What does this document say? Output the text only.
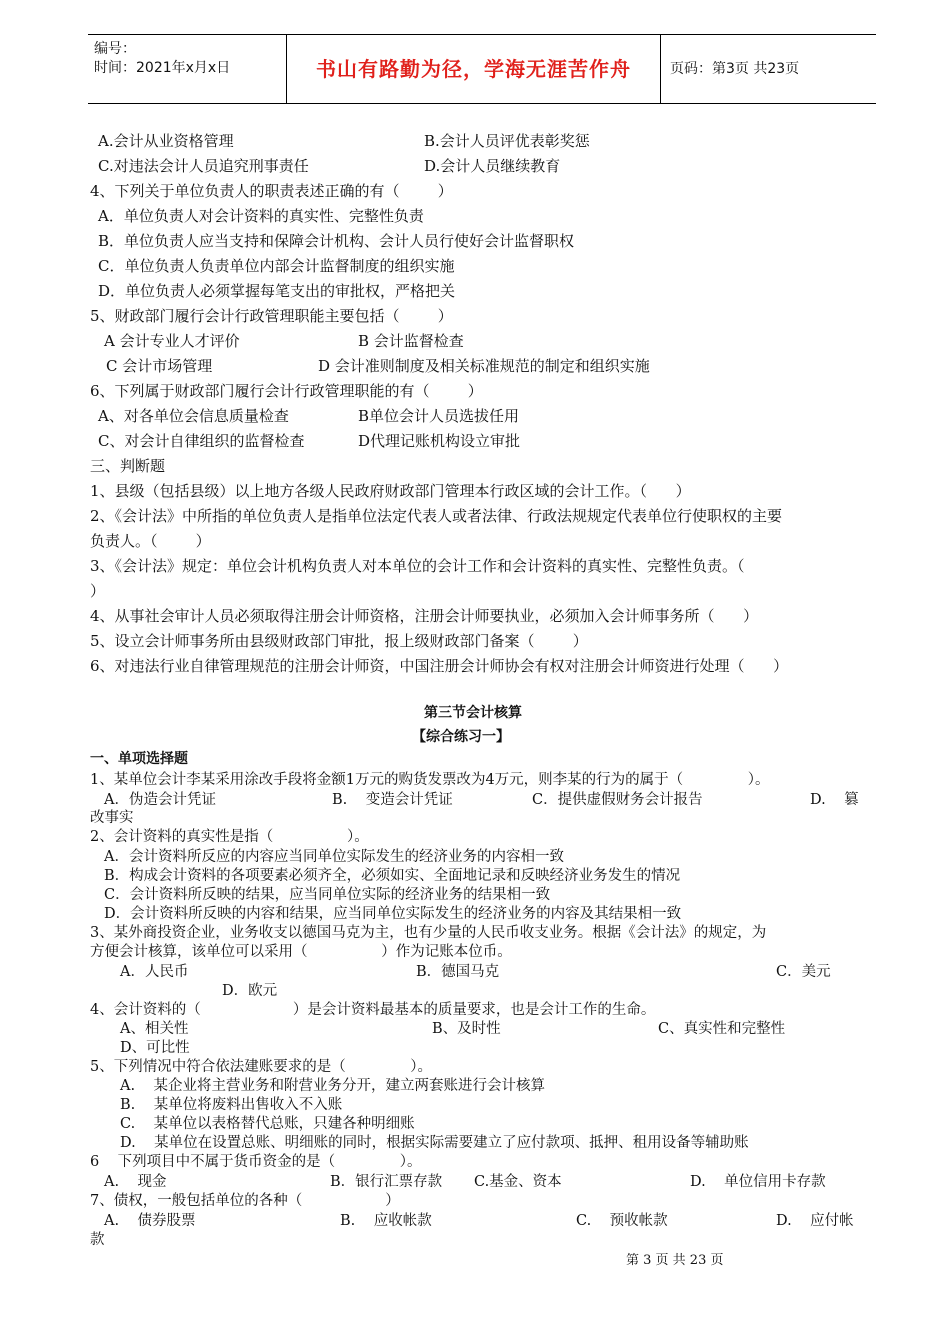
编号：
时间：2021年x月x日	书山有路勤为径，学海无涯苦作舟	页码：第3页 共23页
A.会计从业资格管理	B.会计人员评优表彰奖惩
C.对违法会计人员追究刑事责任	D.会计人员继续教育
4、下列关于单位负责人的职责表述正确的有（        ）
A．单位负责人对会计资料的真实性、完整性负责
B．单位负责人应当支持和保障会计机构、会计人员行使好会计监督职权
C．单位负责人负责单位内部会计监督制度的组织实施
D．单位负责人必须掌握每笔支出的审批权，严格把关
5、财政部门履行会计行政管理职能主要包括（        ）
A 会计专业人才评价	B 会计监督检查
C 会计市场管理	D 会计准则制度及相关标准规范的制定和组织实施
6、下列属于财政部门履行会计行政管理职能的有（        ）
A、对各单位会信息质量检查	B单位会计人员选拔任用
C、对会计自律组织的监督检查	D代理记账机构设立审批
三、判断题
1、县级（包括县级）以上地方各级人民政府财政部门管理本行政区域的会计工作。（      ）
2、《会计法》中所指的单位负责人是指单位法定代表人或者法律、行政法规规定代表单位行使职权的主要
负责人。（        ）
3、《会计法》规定：单位会计机构负责人对本单位的会计工作和会计资料的真实性、完整性负责。（
）
4、从事社会审计人员必须取得注册会计师资格，注册会计师要执业，必须加入会计师事务所（      ）
5、设立会计师事务所由县级财政部门审批，报上级财政部门备案（        ）
6、对违法行业自律管理规范的注册会计师资，中国注册会计师协会有权对注册会计师资进行处理（      ）
第三节会计核算
【综合练习一】
一、单项选择题
1、某单位会计李某采用涂改手段将金额1万元的购货发票改为4万元，则李某的行为的属于（              ）。
A．伪造会计凭证	B.    变造会计凭证	C．提供虚假财务会计报告	D.    篡
改事实
2、会计资料的真实性是指（                ）。
A．会计资料所反应的内容应当同单位实际发生的经济业务的内容相一致
B．构成会计资料的各项要素必须齐全，必须如实、全面地记录和反映经济业务发生的情况
C．会计资料所反映的结果，应当同单位实际的经济业务的结果相一致
D．会计资料所反映的内容和结果，应当同单位实际发生的经济业务的内容及其结果相一致
3、某外商投资企业，业务收支以德国马克为主，也有少量的人民币收支业务。根据《会计法》的规定，为
方便会计核算，该单位可以采用（                ）作为记账本位币。
A．人民币	B．德国马克	C．美元
D．欧元
4、会计资料的（                    ）是会计资料最基本的质量要求，也是会计工作的生命。
A、相关性	B、及时性	C、真实性和完整性
D、可比性
5、下列情况中符合依法建账要求的是（              ）。
A.    某企业将主营业务和附营业务分开，建立两套账进行会计核算
B.    某单位将废料出售收入不入账
C.    某单位以表格替代总账，只建各种明细账
D.    某单位在设置总账、明细账的同时，根据实际需要建立了应付款项、抵押、租用设备等辅助账
6    下列项目中不属于货币资金的是（              ）。
A.    现金	B．银行汇票存款 C.基金、资本	D.    单位信用卡存款
7、债权，一般包括单位的各种（                  ）
A.    债券股票	B.    应收帐款	C.    预收帐款	D.    应付帐
款
第 3 页 共 23 页
